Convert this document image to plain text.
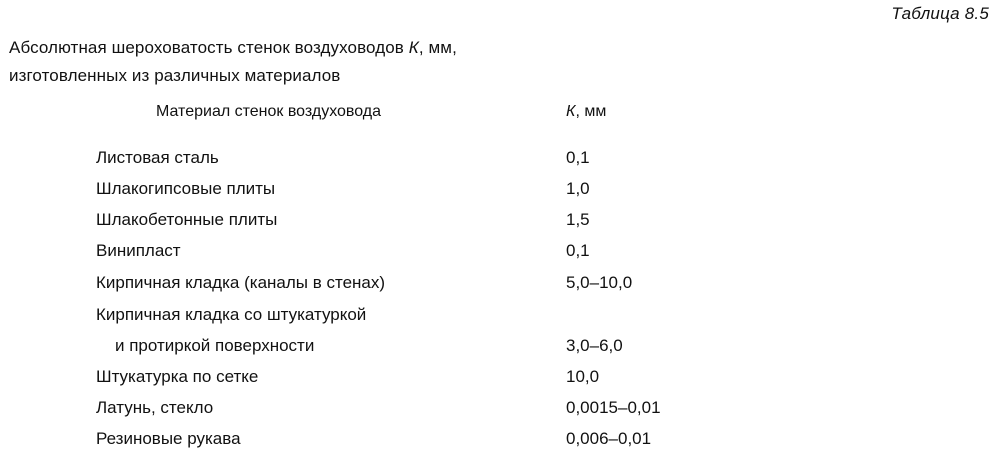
Таблица 8.5
Абсолютная шероховатость стенок воздуховодов К, мм,
изготовленных из различных материалов
Материал стенок воздуховода	К, мм
Листовая сталь	0,1
Шлакогипсовые плиты	1,0
Шлакобетонные плиты	1,5
Винипласт	0,1
Кирпичная кладка (каналы в стенах)	5,0–10,0
Кирпичная кладка со штукатуркой
и протиркой поверхности	3,0–6,0
Штукатурка по сетке	10,0
Латунь, стекло	0,0015–0,01
Резиновые рукава	0,006–0,01
